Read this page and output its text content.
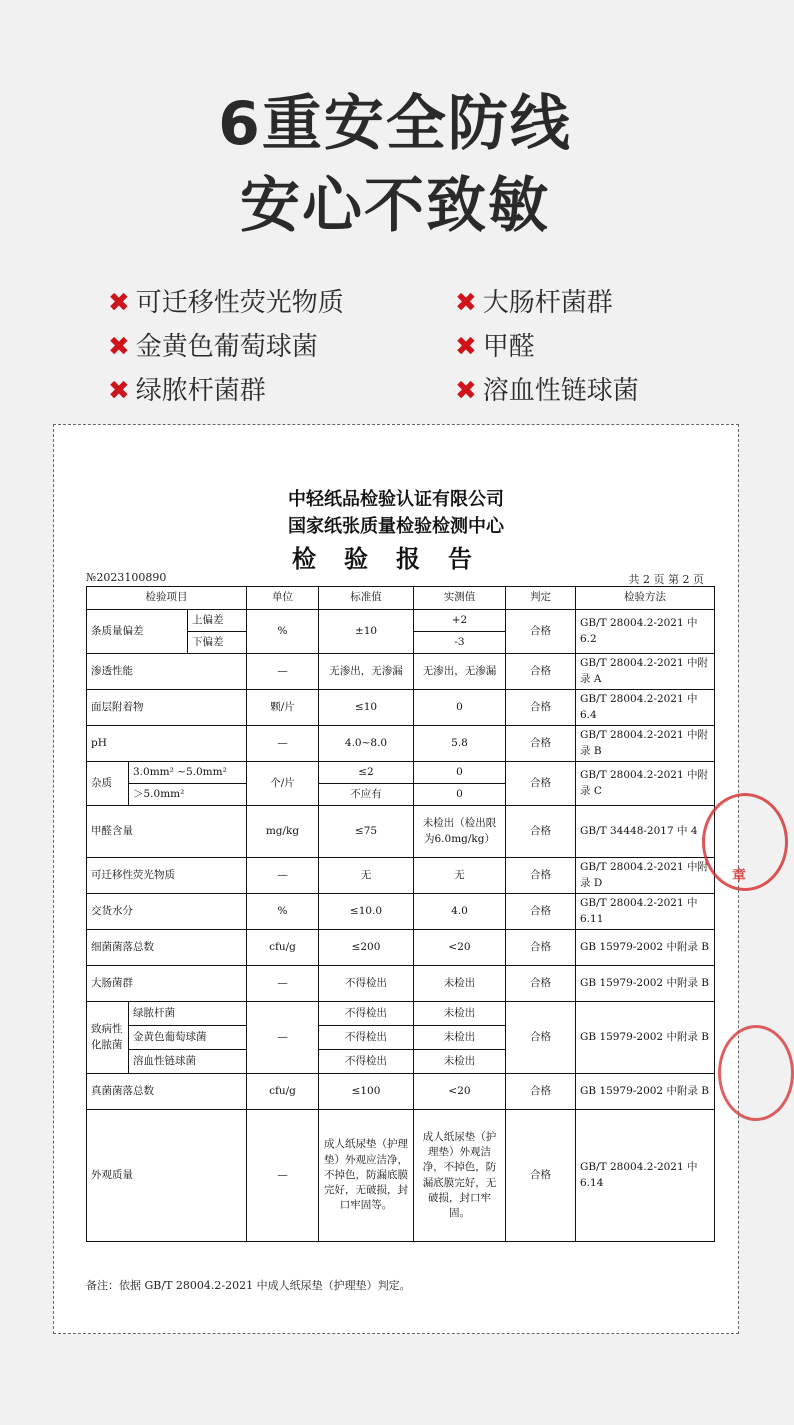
6重安全防线
安心不致敏
✖ 可迁移性荧光物质	✖ 大肠杆菌群
✖ 金黄色葡萄球菌	✖ 甲醛
✖ 绿脓杆菌群	✖ 溶血性链球菌
中轻纸品检验认证有限公司
国家纸张质量检验检测中心
检验报告
№2023100890	共 2 页 第 2 页
检验项目			单位	标准值	实测值	判定	检验方法
条质量偏差		上偏差	%	±10	+2	合格	GB/T 28004.2-2021 中 6.2
		下偏差			-3		
渗透性能			—	无渗出，无渗漏	无渗出，无渗漏	合格	GB/T 28004.2-2021 中附录 A
面层附着物			颗/片	≤10	0	合格	GB/T 28004.2-2021 中 6.4
pH			—	4.0~8.0	5.8	合格	GB/T 28004.2-2021 中附录 B
杂质	3.0mm² ~5.0mm²		个/片	≤2	0	合格	GB/T 28004.2-2021 中附录 C
	＞5.0mm²			不应有	0		
甲醛含量			mg/kg	≤75	未检出（检出限为6.0mg/kg）	合格	GB/T 34448-2017 中 4
可迁移性荧光物质			—	无	无	合格	GB/T 28004.2-2021 中附录 D
交货水分			%	≤10.0	4.0	合格	GB/T 28004.2-2021 中 6.11
细菌菌落总数			cfu/g	≤200	<20	合格	GB 15979-2002 中附录 B
大肠菌群			—	不得检出	未检出	合格	GB 15979-2002 中附录 B
致病性化脓菌	绿脓杆菌		—	不得检出	未检出	合格	GB 15979-2002 中附录 B
	金黄色葡萄球菌			不得检出	未检出		
	溶血性链球菌			不得检出	未检出		
真菌菌落总数			cfu/g	≤100	<20	合格	GB 15979-2002 中附录 B
外观质量			—	成人纸尿垫（护理垫）外观应洁净，不掉色，防漏底膜完好，无破损，封口牢固等。	成人纸尿垫（护理垫）外观洁净，不掉色，防漏底膜完好，无破损，封口牢固。	合格	GB/T 28004.2-2021 中 6.14
备注：依据 GB/T 28004.2-2021 中成人纸尿垫（护理垫）判定。
章
